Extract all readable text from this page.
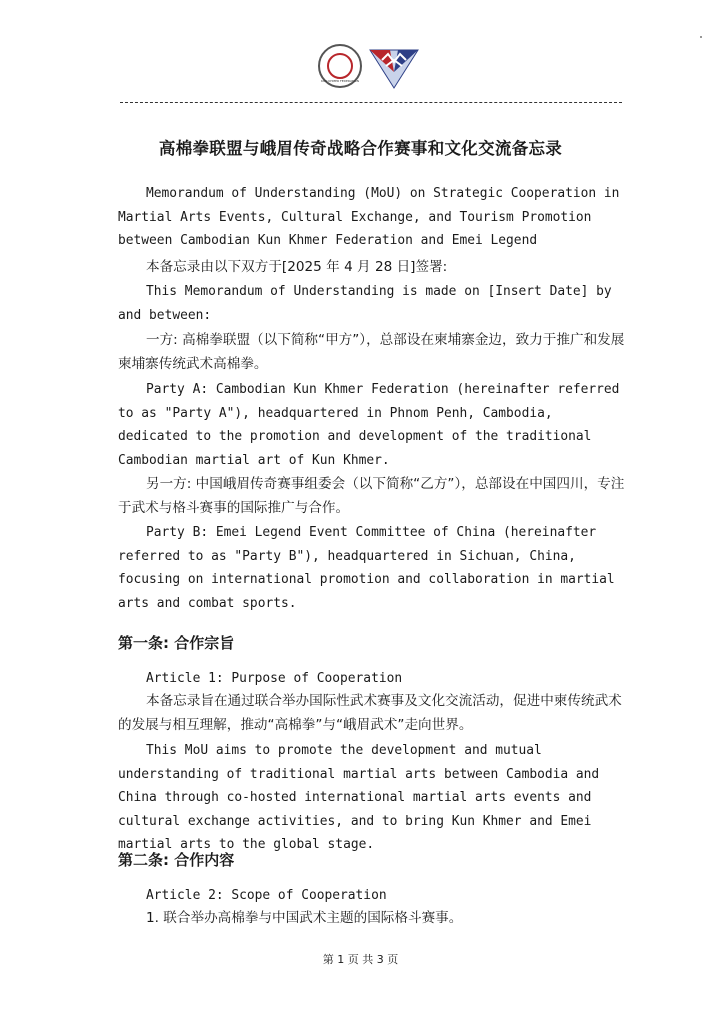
KUN KHMER FEDERATION
高棉拳联盟与峨眉传奇战略合作赛事和文化交流备忘录

Memorandum of Understanding (MoU) on Strategic Cooperation in Martial Arts Events, Cultural Exchange, and Tourism Promotion between Cambodian Kun Khmer Federation and Emei Legend

本备忘录由以下双方于[2025 年 4 月 28 日]签署:

This Memorandum of Understanding is made on [Insert Date] by and between:

一方: 高棉拳联盟（以下简称“甲方”），总部设在柬埔寨金边，致力于推广和发展柬埔寨传统武术高棉拳。

Party A: Cambodian Kun Khmer Federation (hereinafter referred to as "Party A"), headquartered in Phnom Penh, Cambodia, dedicated to the promotion and development of the traditional Cambodian martial art of Kun Khmer.

另一方: 中国峨眉传奇赛事组委会（以下简称“乙方”），总部设在中国四川，专注于武术与格斗赛事的国际推广与合作。

Party B: Emei Legend Event Committee of China (hereinafter referred to as "Party B"), headquartered in Sichuan, China, focusing on international promotion and collaboration in martial arts and combat sports.

第一条: 合作宗旨

Article 1: Purpose of Cooperation

本备忘录旨在通过联合举办国际性武术赛事及文化交流活动，促进中柬传统武术的发展与相互理解，推动“高棉拳”与“峨眉武术”走向世界。

This MoU aims to promote the development and mutual understanding of traditional martial arts between Cambodia and China through co-hosted international martial arts events and cultural exchange activities, and to bring Kun Khmer and Emei martial arts to the global stage.

第二条: 合作内容

Article 2: Scope of Cooperation

1. 联合举办高棉拳与中国武术主题的国际格斗赛事。

第 1 页 共 3 页
